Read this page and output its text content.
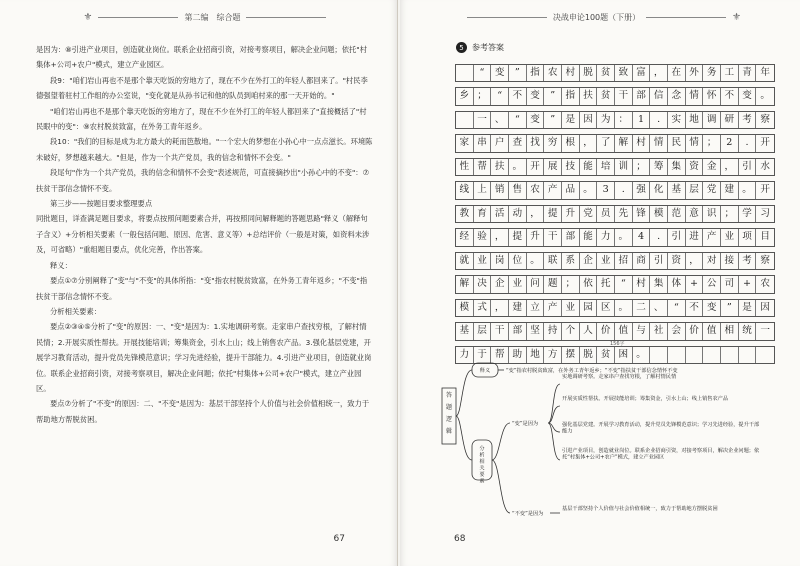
⚜	第二编　综合题

是因为：⑧引进产业项目，创造就业岗位。联系企业招商引资，对接考察项目，解决企业问题；依托"村集体+公司+农户"模式，建立产业园区。

段9："咱们岩山再也不是那个靠天吃饭的穷地方了，现在不少在外打工的年轻人都回来了。"村民李德强望着驻村工作组的办公室说，"变化就是从孙书记和他的队员到咱村来的那一天开始的。"

"咱们岩山再也不是那个靠天吃饭的穷地方了，现在不少在外打工的年轻人都回来了"直接概括了"村民眼中的变"：⑨农村脱贫致富，在外务工青年返乡。

段10："我们的目标是成为北方最大的耗而笆散地。"一个宏大的梦想在小孙心中一点点滋长。环境陈未破好，梦想越来越大。"但是，作为一个共产党员，我的信念和情怀不会变。"

段尾句"作为一个共产党员，我的信念和情怀不会变"表述规范，可直接摘抄出"小孙心中的不变"：⑦扶贫干部信念情怀不变。

第三步——按题目要求整理要点

同批题目，详查满足题目要求，将要点按照问题要素合并，再按照同问解释题的答题思路"释义（解释句子含义）+分析相关要素（一般包括问题、原因、危害、意义等）+总结评价（一般是对策，如资料未涉及，可省略）"重组题目要点，优化完善，作出答案。

释义：

要点①⑦分别阐释了"变"与"不变"的具体所指："变"指农村脱贫致富，在外务工青年返乡；"不变"指扶贫干部信念情怀不变。

分析相关要素：

要点②③④⑤分析了"变"的原因：一、"变"是因为：1.实地调研考察。走家串户查找穷根，了解村情民情；2.开展实质性帮扶。开展技能培训；筹集资金，引水上山；线上销售农产品。3.强化基层党建，开展学习教育活动，提升党员先锋模范意识；学习先进经验，提升干部能力。4.引进产业项目，创造就业岗位。联系企业招商引资，对接考察项目，解决企业问题；依托"村集体+公司+农户"模式，建立产业园区。

要点⑦分析了"不变"的原因：二、"不变"是因为：基层干部坚持个人价值与社会价值相统一，致力于帮助地方帮脱贫困。

67
决战申论100题（下册）	⚜
68
5	参考答案
“	变	”	指 农 村 脱 贫 致 富 ， 在 外 务 工 青 年
乡 ；	“	不 变	”	指 扶 贫 干 部 信 念 情 怀 不 变 。
一 、	“	变	”	是 因 为 ：	1	.	实 地 调 研 考 察
家 串 户 查 找 穷 根 ， 了 解 村 情 民 情 ；	2	.	开
性 帮 扶 。 开 展 技 能 培 训 ； 筹 集 资 金 ， 引 水
线 上 销 售 农 产 品 。	3	.	强 化 基 层 党 建 。 开
教 育 活 动 ， 提 升 党 员 先 锋 模 范 意 识 ； 学 习
经 验 ， 提 升 干 部 能 力 。	4	.	引 进 产 业 项 目
就 业 岗 位 。 联 系 企 业 招 商 引 资 ， 对 接 考 察
解 决 企 业 问 题 ； 依 托	“	村 集 体 + 公 司 + 农
模 式 ， 建 立 产 业 园 区 。 二 、	“	不 变	”	是 因
基 层 干 部 坚 持 个 人 价 值 与 社 会 价 值 相 统 一
力 于 帮 助 地 方 摆 脱 贫 困 。
156字
答题逻辑
释义	“变”指农村脱贫致富，在外务工青年返乡；“不变”指扶贫干部信念情怀不变
分析相关要素
“变”是因为
实地调研考察。走家串户查找穷根，了解村情民情
开展实质性帮扶。开展技能培训；筹集资金，引水上山；线上销售农产品
强化基层党建。开展学习教育活动，提升党员先锋模范意识；学习先进经验，提升干部能力
引进产业项目，创造就业岗位。联系企业招商引资，对接考察项目，解决企业问题；依托“村集体+公司+农户”模式，建立产业园区
“不变”是因为
基层干部坚持个人价值与社会价值相统一，致力于帮助地方摆脱贫困
